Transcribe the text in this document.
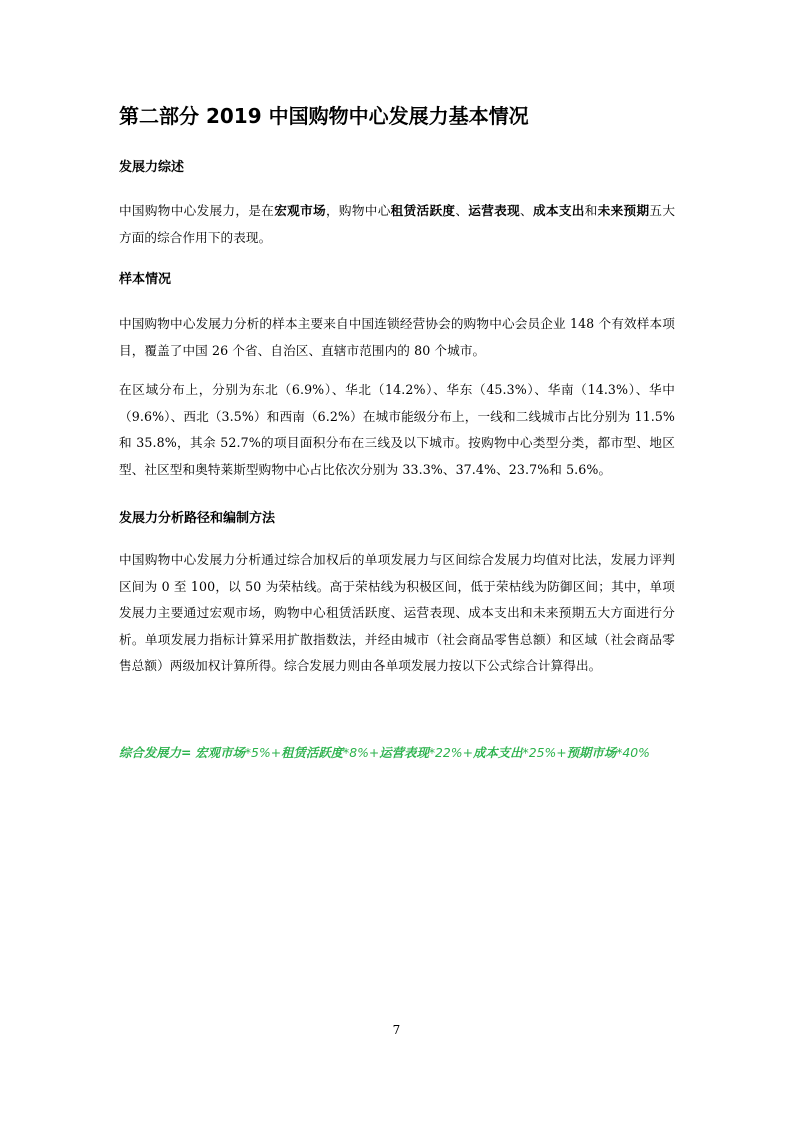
第二部分 2019 中国购物中心发展力基本情况
发展力综述
中国购物中心发展力，是在宏观市场，购物中心租赁活跃度、运营表现、成本支出和未来预期五大方面的综合作用下的表现。
样本情况
中国购物中心发展力分析的样本主要来自中国连锁经营协会的购物中心会员企业 148 个有效样本项目，覆盖了中国 26 个省、自治区、直辖市范围内的 80 个城市。
在区域分布上，分别为东北（6.9%）、华北（14.2%）、华东（45.3%）、华南（14.3%）、华中（9.6%）、西北（3.5%）和西南（6.2%）在城市能级分布上，一线和二线城市占比分别为 11.5%和 35.8%，其余 52.7%的项目面积分布在三线及以下城市。按购物中心类型分类，都市型、地区型、社区型和奥特莱斯型购物中心占比依次分别为 33.3%、37.4%、23.7%和 5.6%。
发展力分析路径和编制方法
中国购物中心发展力分析通过综合加权后的单项发展力与区间综合发展力均值对比法，发展力评判区间为 0 至 100，以 50 为荣枯线。高于荣枯线为积极区间，低于荣枯线为防御区间；其中，单项发展力主要通过宏观市场，购物中心租赁活跃度、运营表现、成本支出和未来预期五大方面进行分析。单项发展力指标计算采用扩散指数法，并经由城市（社会商品零售总额）和区域（社会商品零售总额）两级加权计算所得。综合发展力则由各单项发展力按以下公式综合计算得出。
综合发展力= 宏观市场*5%+租赁活跃度*8%+运营表现*22%+成本支出*25%+预期市场*40%
7
